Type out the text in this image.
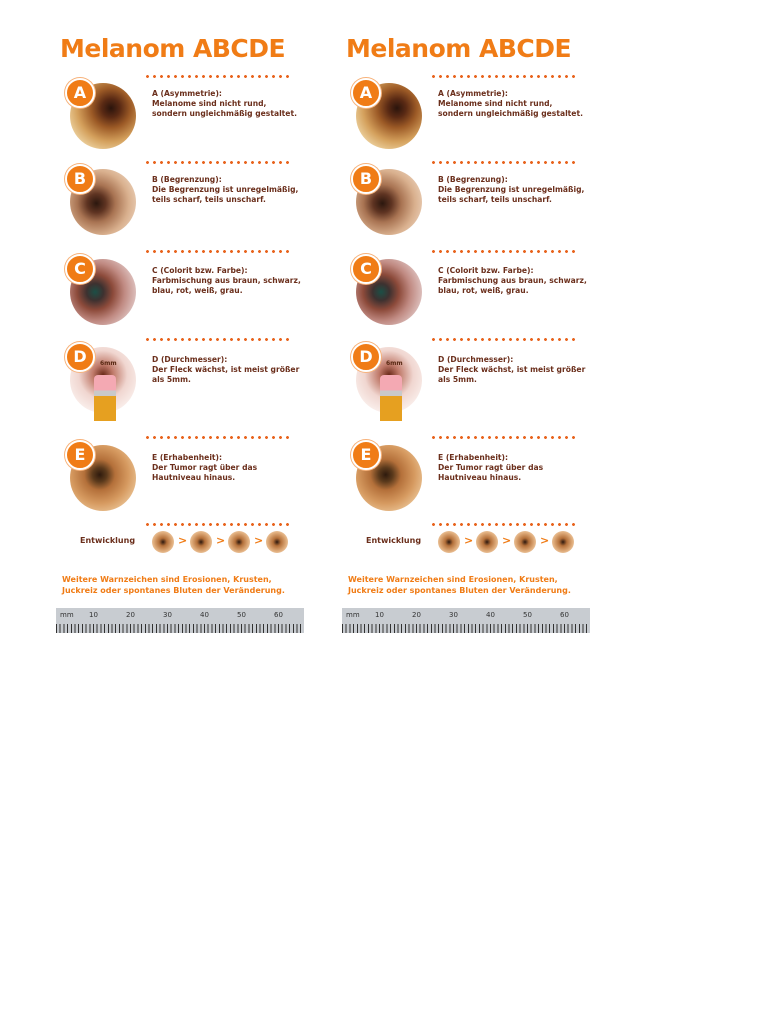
Melanom ABCDE
A	A (Asymmetrie):
Melanome sind nicht rund, sondern ungleichmäßig gestaltet.
B	B (Begrenzung):
Die Begrenzung ist unregelmäßig, teils scharf, teils unscharf.
C	C (Colorit bzw. Farbe):
Farbmischung aus braun, schwarz, blau, rot, weiß, grau.
6mm
D	D (Durchmesser):
Der Fleck wächst, ist meist größer als 5mm.
E	E (Erhabenheit):
Der Tumor ragt über das Hautniveau hinaus.
Entwicklung	>	>	>
Weitere Warnzeichen sind Erosionen, Krusten, Juckreiz oder spontanes Bluten der Veränderung.
mm 10	20	30	40	50	60
Melanom ABCDE
A	A (Asymmetrie):
Melanome sind nicht rund, sondern ungleichmäßig gestaltet.
B	B (Begrenzung):
Die Begrenzung ist unregelmäßig, teils scharf, teils unscharf.
C	C (Colorit bzw. Farbe):
Farbmischung aus braun, schwarz, blau, rot, weiß, grau.
6mm
D	D (Durchmesser):
Der Fleck wächst, ist meist größer als 5mm.
E	E (Erhabenheit):
Der Tumor ragt über das Hautniveau hinaus.
Entwicklung	>	>	>
Weitere Warnzeichen sind Erosionen, Krusten, Juckreiz oder spontanes Bluten der Veränderung.
mm 10	20	30	40	50	60
